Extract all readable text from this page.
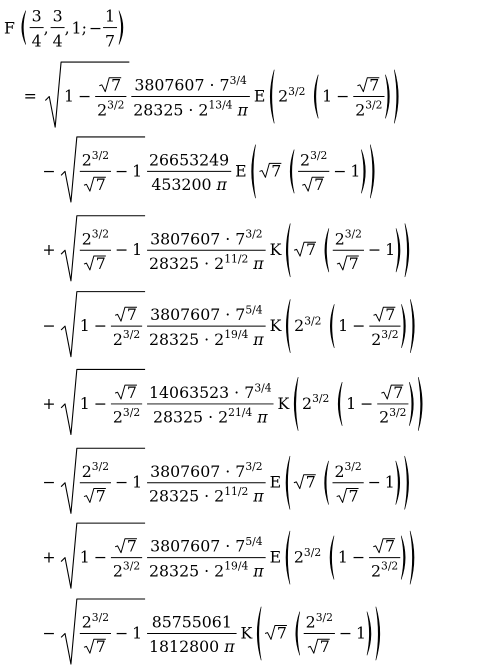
F
3
4
,
3
4
, 1 ; −
1
7
= 1 −
7
2 3/2
3807607 · 7 3/4
28325 · 2 13/4 π
E 2 3/2 1 −
7
2 3/2
−
2 3/2
7
− 1
26653249
453200 π
E 7
2 3/2
7
− 1
+
2 3/2
7
− 1
3807607 · 7 3/2
28325 · 2 11/2 π
K 7
2 3/2
7
− 1
− 1 −
7
2 3/2
3807607 · 7 5/4
28325 · 2 19/4 π
K 2 3/2 1 −
7
2 3/2
+ 1 −
7
2 3/2
14063523 · 7 3/4
28325 · 2 21/4 π
K 2 3/2 1 −
7
2 3/2
−
2 3/2
7
− 1
3807607 · 7 3/2
28325 · 2 11/2 π
E 7
2 3/2
7
− 1
+ 1 −
7
2 3/2
3807607 · 7 5/4
28325 · 2 19/4 π
E 2 3/2 1 −
7
2 3/2
−
2 3/2
7
− 1
85755061
1812800 π
K 7
2 3/2
7
− 1
